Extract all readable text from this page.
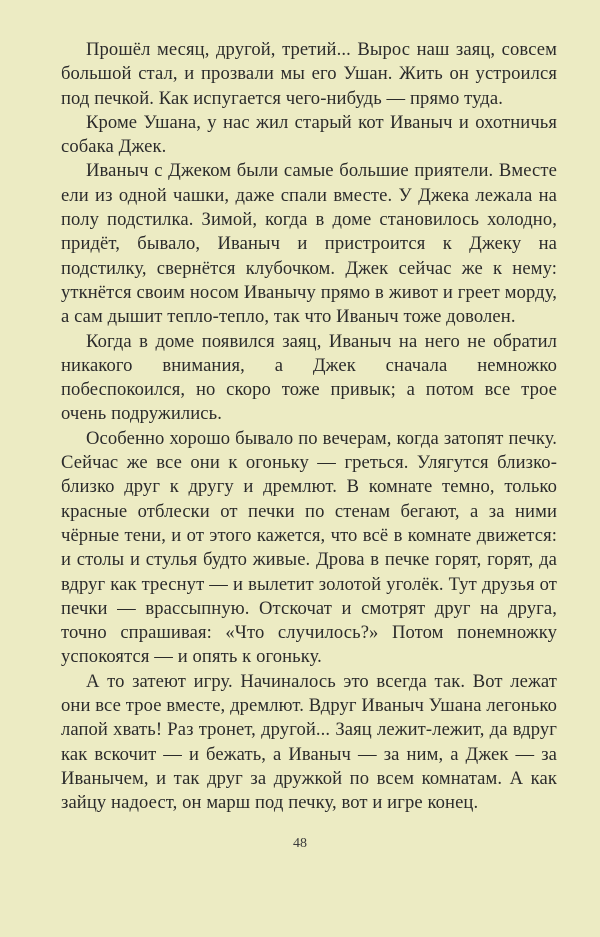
Прошёл месяц, другой, третий... Вырос наш заяц, совсем большой стал, и прозвали мы его Ушан. Жить он устроился под печкой. Как испугается чего-нибудь — прямо туда.

Кроме Ушана, у нас жил старый кот Иваныч и охотничья собака Джек.

Иваныч с Джеком были самые большие приятели. Вместе ели из одной чашки, даже спали вместе. У Джека лежала на полу подстилка. Зимой, когда в доме становилось холодно, придёт, бывало, Иваныч и пристроится к Джеку на подстилку, свернётся клубочком. Джек сейчас же к нему: уткнётся своим носом Иванычу прямо в живот и греет морду, а сам дышит тепло-тепло, так что Иваныч тоже доволен.

Когда в доме появился заяц, Иваныч на него не обратил никакого внимания, а Джек сначала немножко побеспокоился, но скоро тоже привык; а потом все трое очень подружились.

Особенно хорошо бывало по вечерам, когда затопят печку. Сейчас же все они к огоньку — греться. Улягутся близко-близко друг к другу и дремлют. В комнате темно, только красные отблески от печки по стенам бегают, а за ними чёрные тени, и от этого кажется, что всё в комнате движется: и столы и стулья будто живые. Дрова в печке горят, горят, да вдруг как треснут — и вылетит золотой уголёк. Тут друзья от печки — врассыпную. Отскочат и смотрят друг на друга, точно спрашивая: «Что случилось?» Потом понемножку успокоятся — и опять к огоньку.

А то затеют игру. Начиналось это всегда так. Вот лежат они все трое вместе, дремлют. Вдруг Иваныч Ушана легонько лапой хвать! Раз тронет, другой... Заяц лежит-лежит, да вдруг как вскочит — и бежать, а Иваныч — за ним, а Джек — за Иванычем, и так друг за дружкой по всем комнатам. А как зайцу надоест, он марш под печку, вот и игре конец.

48
